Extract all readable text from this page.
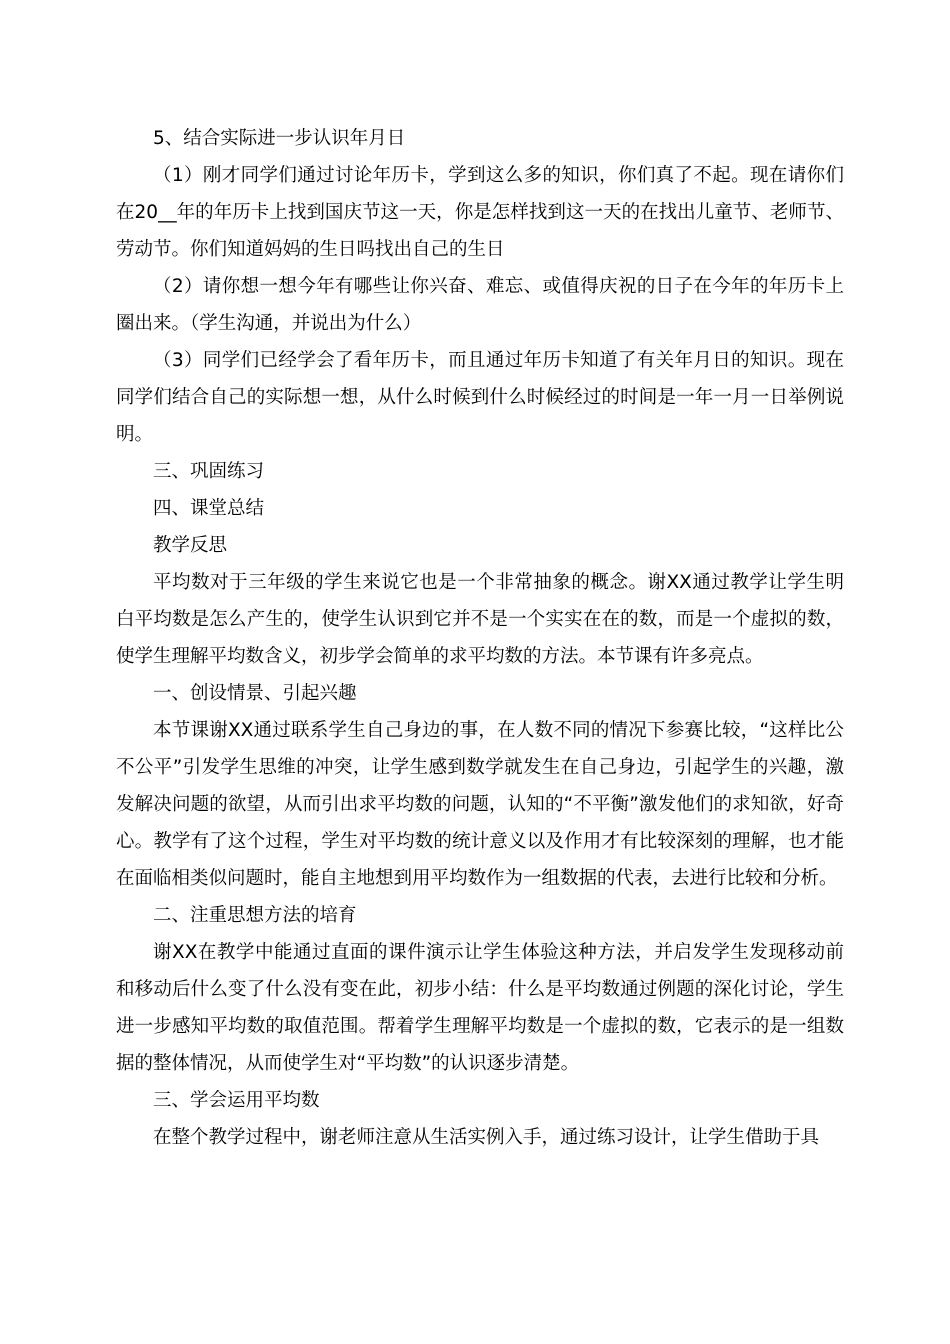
5、结合实际进一步认识年月日

（1）刚才同学们通过讨论年历卡，学到这么多的知识，你们真了不起。现在请你们在20__年的年历卡上找到国庆节这一天，你是怎样找到这一天的在找出儿童节、老师节、劳动节。你们知道妈妈的生日吗找出自己的生日

（2）请你想一想今年有哪些让你兴奋、难忘、或值得庆祝的日子在今年的年历卡上圈出来。（学生沟通，并说出为什么）

（3）同学们已经学会了看年历卡，而且通过年历卡知道了有关年月日的知识。现在同学们结合自己的实际想一想，从什么时候到什么时候经过的时间是一年一月一日举例说明。

三、巩固练习

四、课堂总结

教学反思

平均数对于三年级的学生来说它也是一个非常抽象的概念。谢XX通过教学让学生明白平均数是怎么产生的，使学生认识到它并不是一个实实在在的数，而是一个虚拟的数，使学生理解平均数含义，初步学会简单的求平均数的方法。本节课有许多亮点。

一、创设情景、引起兴趣

本节课谢XX通过联系学生自己身边的事，在人数不同的情况下参赛比较，“这样比公不公平”引发学生思维的冲突，让学生感到数学就发生在自己身边，引起学生的兴趣，激发解决问题的欲望，从而引出求平均数的问题，认知的“不平衡”激发他们的求知欲，好奇心。教学有了这个过程，学生对平均数的统计意义以及作用才有比较深刻的理解，也才能在面临相类似问题时，能自主地想到用平均数作为一组数据的代表，去进行比较和分析。

二、注重思想方法的培育

谢XX在教学中能通过直面的课件演示让学生体验这种方法，并启发学生发现移动前和移动后什么变了什么没有变在此，初步小结：什么是平均数通过例题的深化讨论，学生进一步感知平均数的取值范围。帮着学生理解平均数是一个虚拟的数，它表示的是一组数据的整体情况，从而使学生对“平均数”的认识逐步清楚。

三、学会运用平均数

在整个教学过程中，谢老师注意从生活实例入手，通过练习设计，让学生借助于具
